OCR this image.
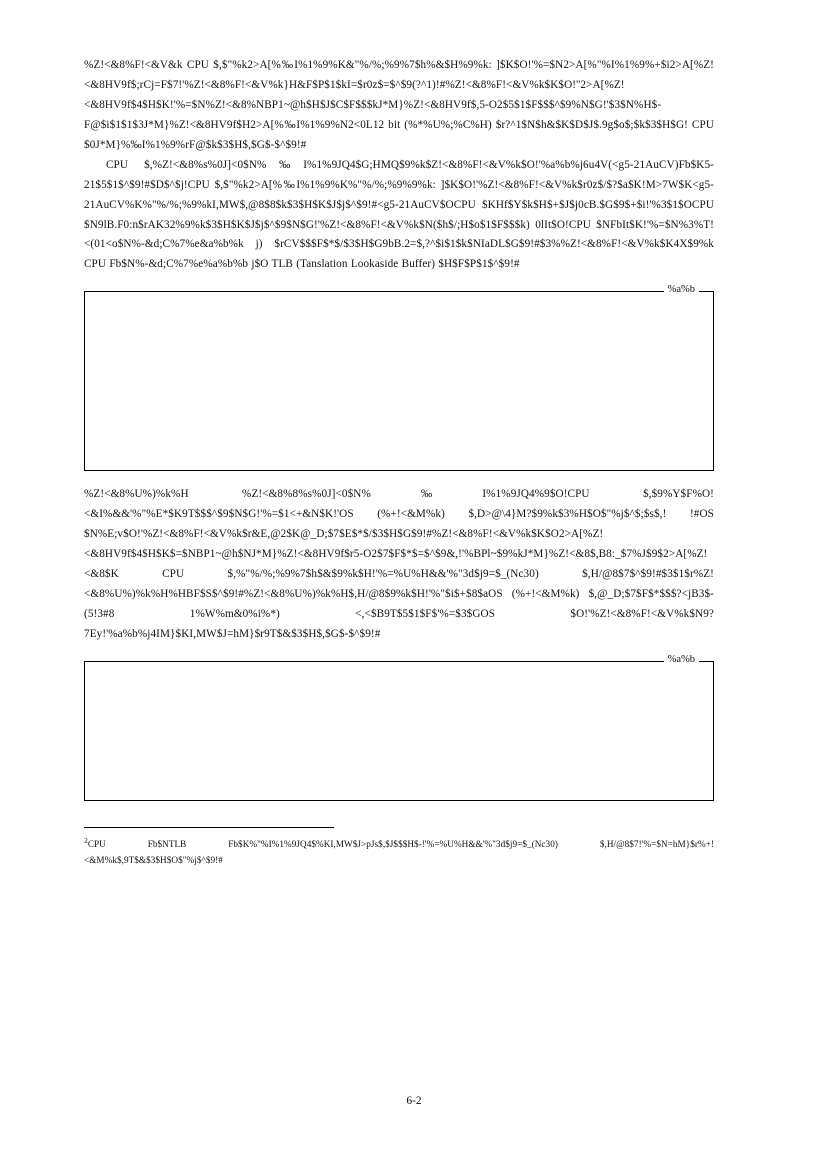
%Z!<&8%F!<&V&k CPU $,$"%k2>A[%‰I%1%9%K&"%/%;%9%7$h%&$H%9%k: ]$K$O!'%=$N2>A[%"%I%1%9%+$i2>A[%Z!<&8HV9f$;rCj=F$7!'%Z!<&8%F!<&V%k}H&F$P$1$kI=$r0z$=$^$9(?^1)!#%Z!<&8%F!<&V%k$K$O!''2>A[%Z!<&8HV9f$4$H$K!'%=$N%Z!<&8%NBP1~@h$H$J$C$F$$$kJ*M}%Z!<&8HV9f$,5-O2$5$1$F$$$^$9%N$G!'$3$N%H$-F@$i$1$1$3J*M}%Z!<&8HV9f$H2>A[%‰I%1%9%N2<0L12 bit (%*%U%;%C%H) $r?^1$N$h&$K$D$J$.9g$o$;$k$3$H$G! CPU $0J*M}%‰I%1%9%rF@$k$3$H$,$G$-$^$9!#

CPU $,%Z!<&8%s%0J]<0$N%‰I%1%9JQ4$G;HMQ$9%k$Z!<&8%F!<&V%k$O!'%a%b%j6u4V(<g5-21AuCV)Fb$K5-21$5$1$^$9!#$D$^$j!CPU $,$"%k2>A[%‰I%1%9%K%"%/%;%9%9%k: ]$K$O!'%Z!<&8%F!<&V%k$r0z$/$?$a$K!M>7W$K<g5-21AuCV%K%"%/%;%9%kI,MW$,@8$8$k$3$H$K$J$j$^$9!#<g5-21AuCV$OCPU $KHf$Y$k$H$+$J$j0cB.$G$9$+$i!'%3$1$OCPU $N9lB.F0:n$rAK32%9%k$3$H$K$J$j$^$9$N$G!'%Z!<&8%F!<&V%k$N($h$/;H$o$1$F$$$k) 0lIt$O!CPU $NFbIt$K!'%=$N%3%T!<(01<o$N%-&d;C%7%e&a%b%k j) $rCV$$$F$*$/$3$H$G9bB.2=$,?^$i$1$k$NIaDL$G$9!#$3%%Z!<&8%F!<&V%k$K4X$9%k CPU Fb$N%-&d;C%7%e%a%b%b j$O TLB (Tanslation Lookaside Buffer) $H$F$P$1$^$9!#

%a%b

%Z!<&8%U%)%k%H %Z!<&8%8%s%0J]<0$N%‰I%1%9JQ4%9$O!CPU $,$9%Y$F%O!<&I%&&'%"%E*$K9T$$$^$9$N$G!'%=$1<+&N$K!'OS (%+!<&M%k) $,D>@\4}M?$9%k$3%H$O$"%j$^$;$s$,! !#OS $N%E;v$O!'%Z!<&8%F!<&V%k$r&E,@2$K@_D;$7$E$*$/$3$H$G$9!#%Z!<&8%F!<&V%k$K$O2>A[%Z!<&8HV9f$4$H$K$=$NBP1~@h$NJ*M}%Z!<&8HV9f$r5-O2$7$F$*$=$^$9&,!'%BPl~$9%kJ*M}%Z!<&8$,B8:_$7%J$9$2>A[%Z!<&8$K CPU $,%"%/%;%9%7$h$&$9%k$H!'%=%U%H&&'%"3d$j9=$_(Nc30) $,H/@8$7$^$9!#$3$1$r%Z!<&8%U%)%k%H%HBF$S$^$9!#%Z!<&8%U%)%k%H$,H/@8$9%k$H!'%"$i$+$8$aOS (%+!<&M%k) $,@_D;$7$F$*$$$?<jB3$-(5!3#8 1%W%m&0%i%*) <,<$B9T$5$1$F$'%=$3$GOS $O!'%Z!<&8%F!<&V%k$N9?7Ey!'%a%b%j4IM}$KI,MW$J=hM}$r9T$&$3$H$,$G$-$^$9!#

%a%b
$^2$CPU Fb$NTLB Fb$K%"%I%1%9JQ4$%KI,MW$J>pJs$,$J$$$H$-!'%=%U%H&&'%"3d$j9=$_(Nc30) $,H/@8$7!'%=$N=hM}$r%+!<&M%k$,9T$&$3$H$O$"%j$^$9!#
6-2
